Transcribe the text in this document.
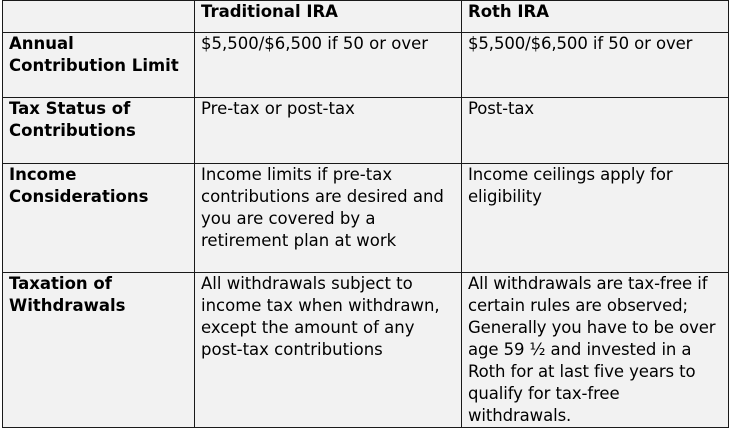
	Traditional IRA	Roth IRA
Annual Contribution Limit	$5,500/$6,500 if 50 or over	$5,500/$6,500 if 50 or over
Tax Status of Contributions	Pre-tax or post-tax	Post-tax
Income Considerations	Income limits if pre-tax contributions are desired and you are covered by a retirement plan at work	Income ceilings apply for eligibility
Taxation of Withdrawals	All withdrawals subject to income tax when withdrawn, except the amount of any post-tax contributions	All withdrawals are tax-free if certain rules are observed; Generally you have to be over age 59 ½ and invested in a Roth for at last five years to qualify for tax-free withdrawals.
